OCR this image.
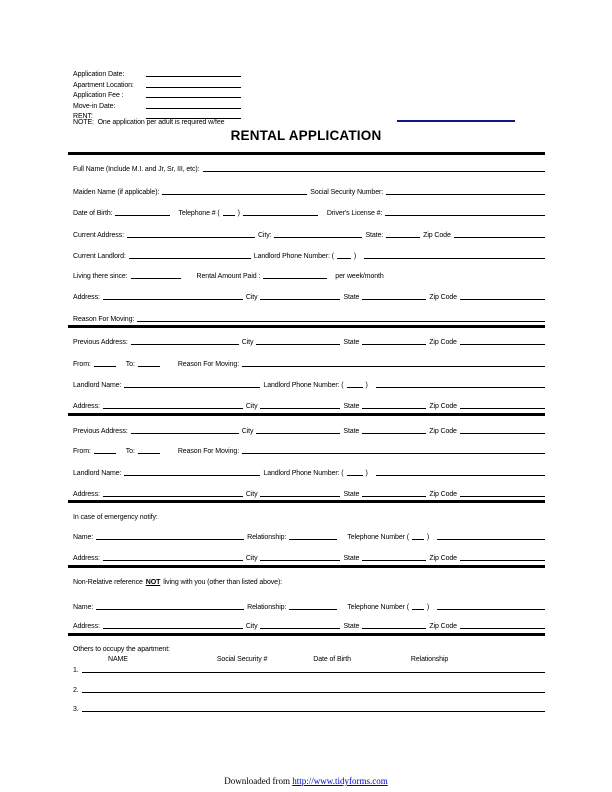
Application Date:
Apartment Location:
Application Fee :
Move-in Date:
RENT:
NOTE:  One application per adult is required w/fee
RENTAL APPLICATION
Full Name (Include M.I. and Jr, Sr, III, etc):
Maiden Name (if applicable):	Social Security Number:
Date of Birth:	Telephone # (	)	Driver's License #:
Current Address:	City:	State:	Zip Code
Current Landlord:	Landlord Phone Number: (	)
Living there since:	Rental Amount Paid :	per week/month
Address:	City	State	Zip Code
Reason For Moving:
Previous Address:	City	State	Zip Code
From:	To:	Reason For Moving:
Landlord Name:	Landlord Phone Number: (	)
Address:	City	State	Zip Code
Previous Address:	City	State	Zip Code
From:	To:	Reason For Moving:
Landlord Name:	Landlord Phone Number: (	)
Address:	City	State	Zip Code
In case of emergency notify:
Name:	Relationship:	Telephone Number (	)
Address:	City	State	Zip Code
Non-Relative reference NOT living with you (other than listed above):
Name:	Relationship:	Telephone Number (	)
Address:	City	State	Zip Code
Others to occupy the apartment:
NAME	Social Security #	Date of Birth	Relationship
1.
2.
3.
Downloaded from http://www.tidyforms.com
